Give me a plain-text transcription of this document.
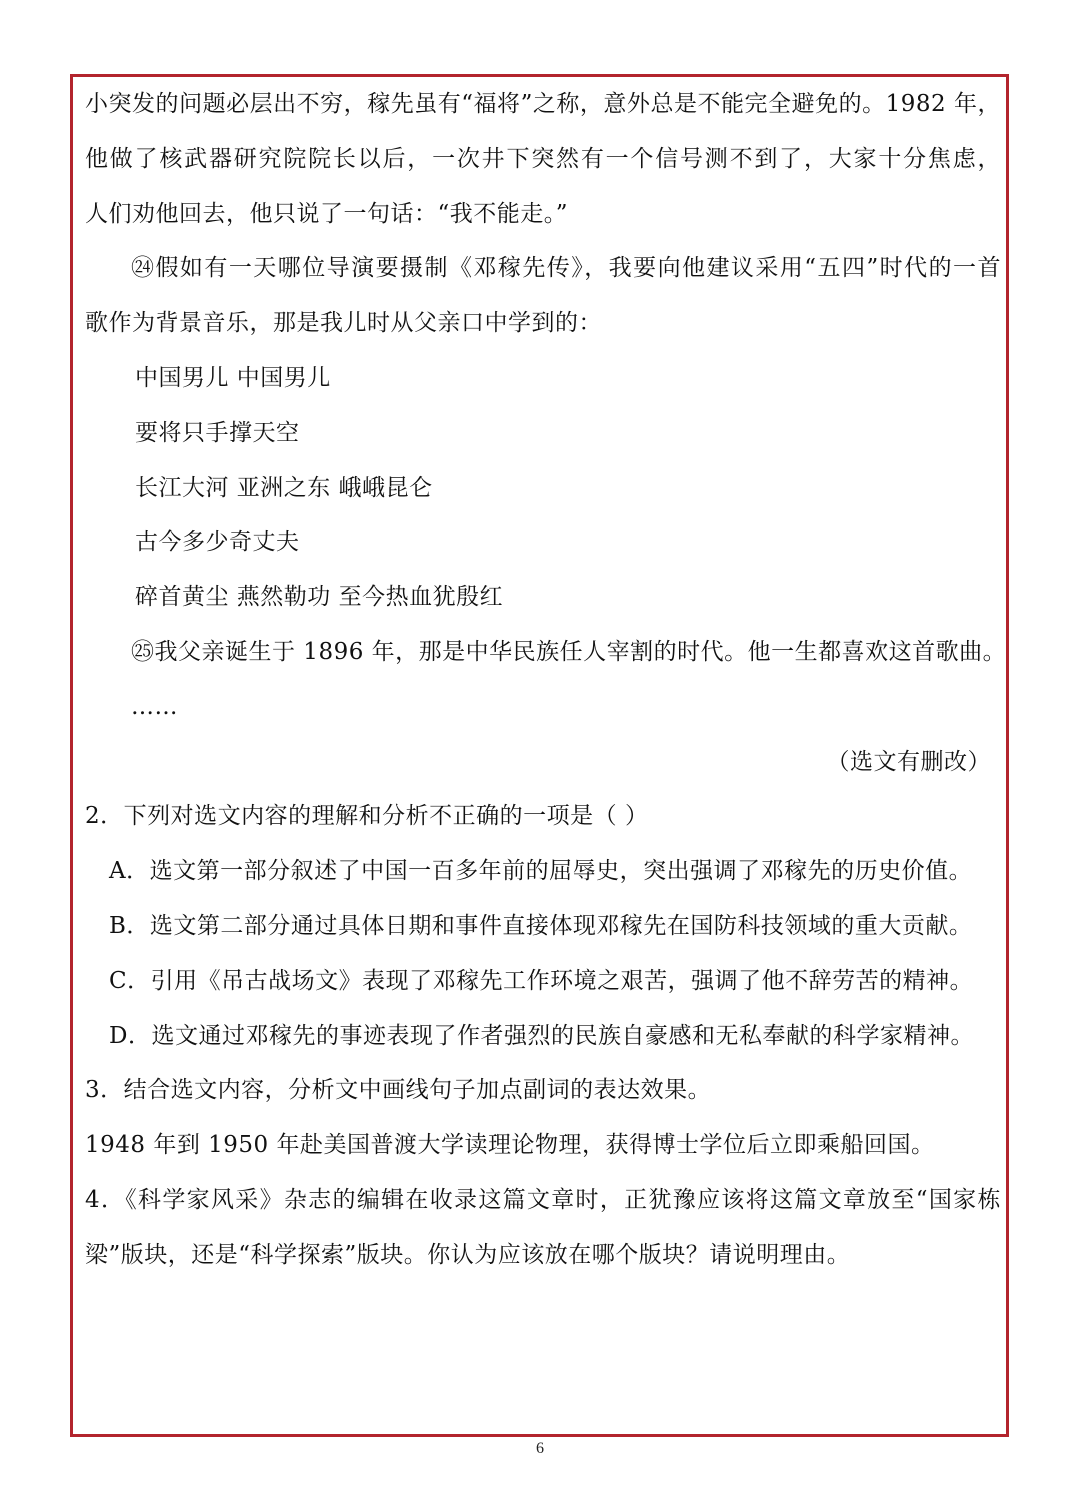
小突发的问题必层出不穷，稼先虽有“福将”之称，意外总是不能完全避免的。1982 年，
他做了核武器研究院院长以后，一次井下突然有一个信号测不到了，大家十分焦虑，
人们劝他回去，他只说了一句话：“我不能走。”
㉔假如有一天哪位导演要摄制《邓稼先传》，我要向他建议采用“五四”时代的一首
歌作为背景音乐，那是我儿时从父亲口中学到的：
中国男儿 中国男儿
要将只手撑天空
长江大河 亚洲之东 峨峨昆仑
古今多少奇丈夫
碎首黄尘 燕然勒功 至今热血犹殷红
㉕我父亲诞生于 1896 年，那是中华民族任人宰割的时代。他一生都喜欢这首歌曲。
……
（选文有删改）
2．下列对选文内容的理解和分析不正确的一项是（ ）
A．选文第一部分叙述了中国一百多年前的屈辱史，突出强调了邓稼先的历史价值。
B．选文第二部分通过具体日期和事件直接体现邓稼先在国防科技领域的重大贡献。
C．引用《吊古战场文》表现了邓稼先工作环境之艰苦，强调了他不辞劳苦的精神。
D．选文通过邓稼先的事迹表现了作者强烈的民族自豪感和无私奉献的科学家精神。
3．结合选文内容，分析文中画线句子加点副词的表达效果。
1948 年到 1950 年赴美国普渡大学读理论物理，获得博士学位后立即乘船回国。
4．《科学家风采》杂志的编辑在收录这篇文章时，正犹豫应该将这篇文章放至“国家栋
梁”版块，还是“科学探索”版块。你认为应该放在哪个版块？请说明理由。
6
